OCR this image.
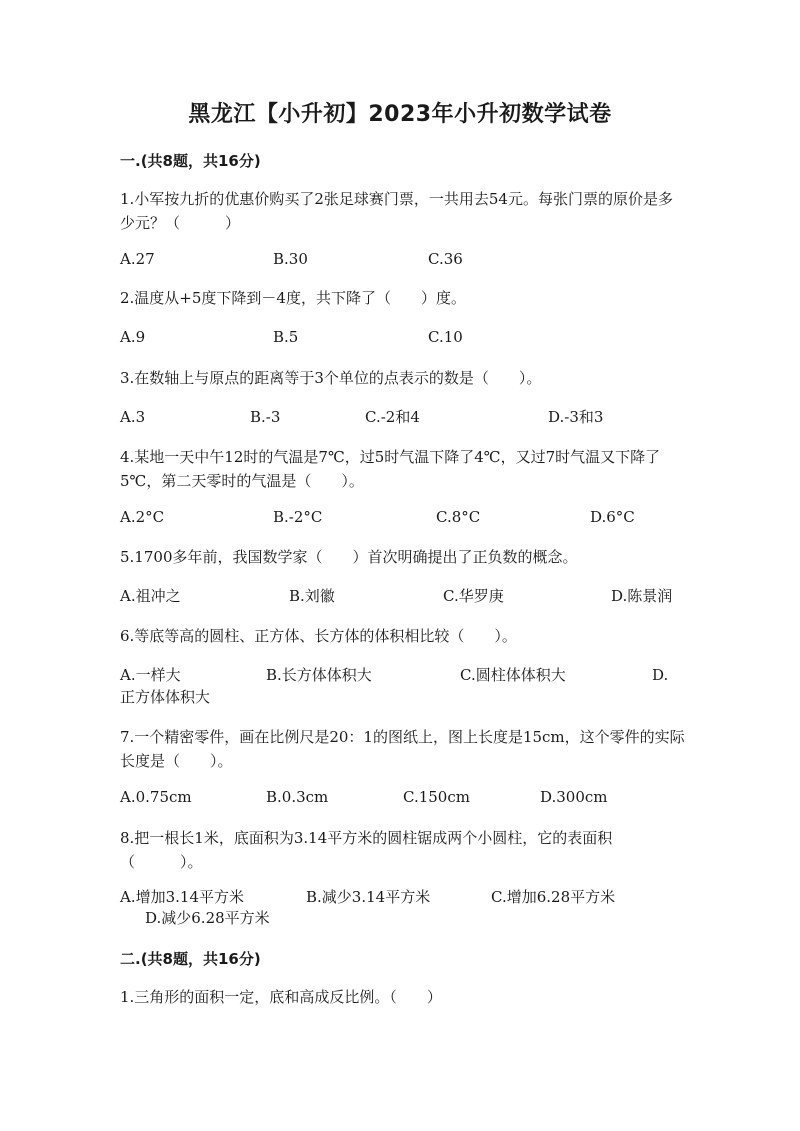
黑龙江【小升初】2023年小升初数学试卷
一.(共8题，共16分)
1.小军按九折的优惠价购买了2张足球赛门票，一共用去54元。每张门票的原价是多少元？（　　　）
A.27	B.30	C.36
2.温度从+5度下降到－4度，共下降了（　　）度。
A.9	B.5	C.10
3.在数轴上与原点的距离等于3个单位的点表示的数是（　　）。
A.3	B.-3	C.-2和4	D.-3和3
4.某地一天中午12时的气温是7℃，过5时气温下降了4℃，又过7时气温又下降了5℃，第二天零时的气温是（　　）。
A.2°C	B.-2°C	C.8°C	D.6°C
5.1700多年前，我国数学家（　　）首次明确提出了正负数的概念。
A.祖冲之	B.刘徽	C.华罗庚	D.陈景润
6.等底等高的圆柱、正方体、长方体的体积相比较（　　）。
A.一样大	B.长方体体积大	C.圆柱体体积大	D.正方体体积大
7.一个精密零件，画在比例尺是20：1的图纸上，图上长度是15cm，这个零件的实际长度是（　　）。
A.0.75cm	B.0.3cm	C.150cm	D.300cm
8.把一根长1米，底面积为3.14平方米的圆柱锯成两个小圆柱，它的表面积（　　　）。
A.增加3.14平方米	B.减少3.14平方米	C.增加6.28平方米
D.减少6.28平方米
二.(共8题，共16分)
1.三角形的面积一定，底和高成反比例。（　　）
